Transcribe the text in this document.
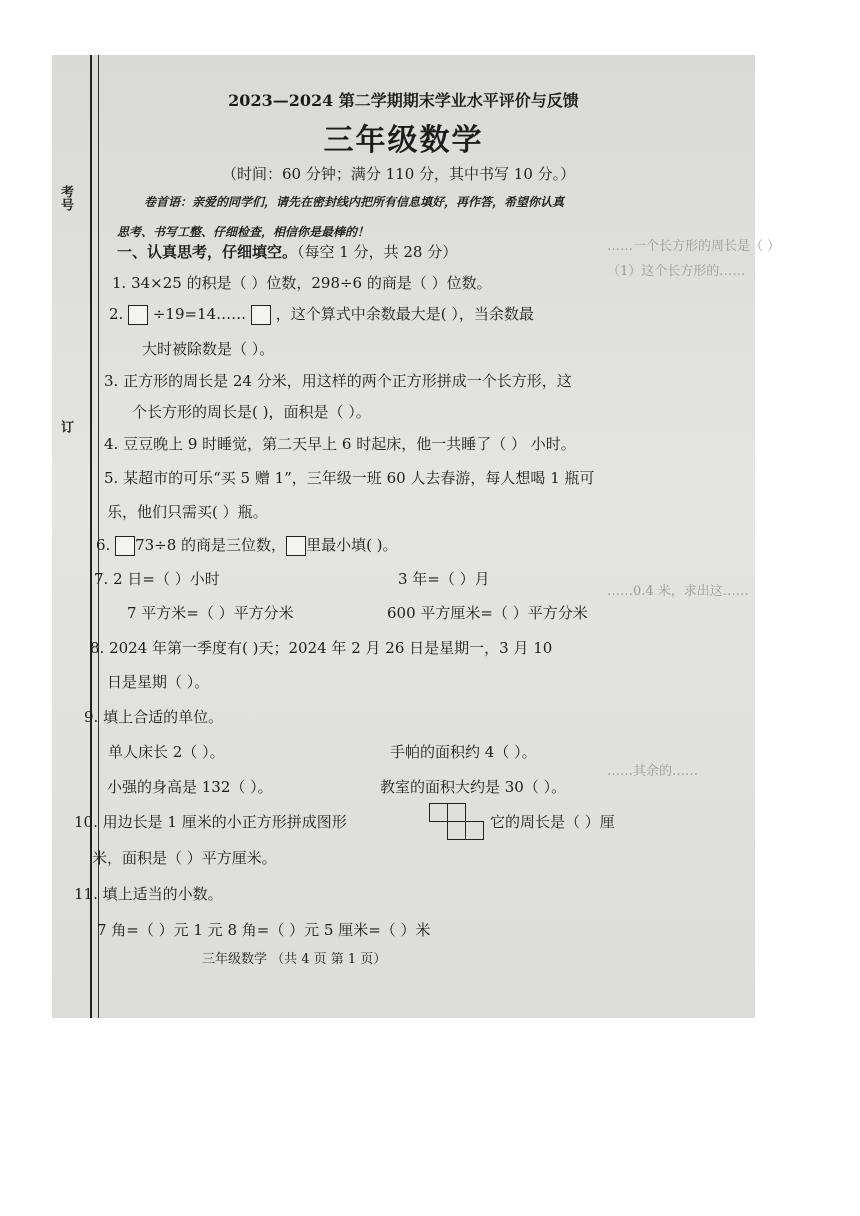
考号
订
……一个长方形的周长是（ ）
（1）这个长方形的……
……0.4 米，求出这……
……其余的……
2023—2024 第二学期期末学业水平评价与反馈
三年级数学
（时间：60 分钟；满分 110 分，其中书写 10 分。）
卷首语：亲爱的同学们，请先在密封线内把所有信息填好，再作答，希望你认真
思考、书写工整、仔细检查，相信你是最棒的！
一、认真思考，仔细填空。（每空 1 分，共 28 分）
1. 34×25 的积是（ ）位数，298÷6 的商是（ ）位数。
2.  ÷19=14……  ，这个算式中余数最大是( ），当余数最
大时被除数是（ ）。
3. 正方形的周长是 24 分米，用这样的两个正方形拼成一个长方形，这
个长方形的周长是( )，面积是（ ）。
4. 豆豆晚上 9 时睡觉，第二天早上 6 时起床，他一共睡了（ ） 小时。
5. 某超市的可乐“买 5 赠 1”，三年级一班 60 人去春游，每人想喝 1 瓶可
乐，他们只需买( ）瓶。
6. 73÷8 的商是三位数， 里最小填( )。
7. 2 日=（ ）小时	3 年=（ ）月
7 平方米=（ ）平方分米	600 平方厘米=（ ）平方分米
8. 2024 年第一季度有( )天；2024 年 2 月 26 日是星期一，3 月 10
日是星期（ ）。
9. 填上合适的单位。
单人床长 2（ ）。	手帕的面积约 4（ ）。
小强的身高是 132（ ）。	教室的面积大约是 30（ ）。
10. 用边长是 1 厘米的小正方形拼成图形	它的周长是（ ）厘
米，面积是（ ）平方厘米。
11. 填上适当的小数。
7 角=（ ）元 1 元 8 角=（ ）元 5 厘米=（ ）米
三年级数学 （共 4 页 第 1 页）
